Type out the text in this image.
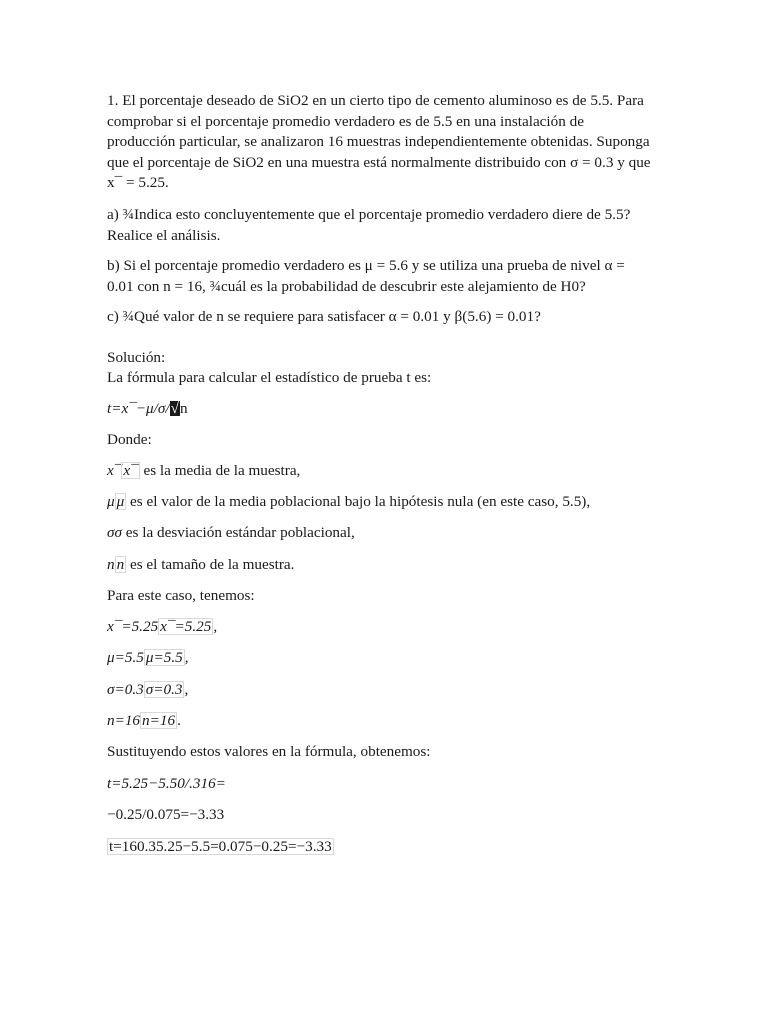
1. El porcentaje deseado de SiO2 en un cierto tipo de cemento aluminoso es de 5.5. Para comprobar si el porcentaje promedio verdadero es de 5.5 en una instalación de producción particular, se analizaron 16 muestras independientemente obtenidas. Suponga que el porcentaje de SiO2 en una muestra está normalmente distribuido con σ = 0.3 y que x¯ = 5.25.

a) ¾Indica esto concluyentemente que el porcentaje promedio verdadero diere de 5.5? Realice el análisis.

b) Si el porcentaje promedio verdadero es μ = 5.6 y se utiliza una prueba de nivel α = 0.01 con n = 16, ¾cuál es la probabilidad de descubrir este alejamiento de H0?

c) ¾Qué valor de n se requiere para satisfacer α = 0.01 y β(5.6) = 0.01?

Solución:

La fórmula para calcular el estadístico de prueba t es:

t=x¯−μ/σ/√n

Donde:

x¯ x¯ es la media de la muestra,
μ μ es el valor de la media poblacional bajo la hipótesis nula (en este caso, 5.5),
σσ es la desviación estándar poblacional,
n n es el tamaño de la muestra.

Para este caso, tenemos:

x¯=5.25 x¯=5.25 ,
μ=5.5 μ=5.5 ,
σ=0.3 σ=0.3 ,
n=16 n=16 .

Sustituyendo estos valores en la fórmula, obtenemos:

t=5.25−5.50/.316=

−0.25/0.075=−3.33

t=160.35.25−5.5=0.075−0.25=−3.33
